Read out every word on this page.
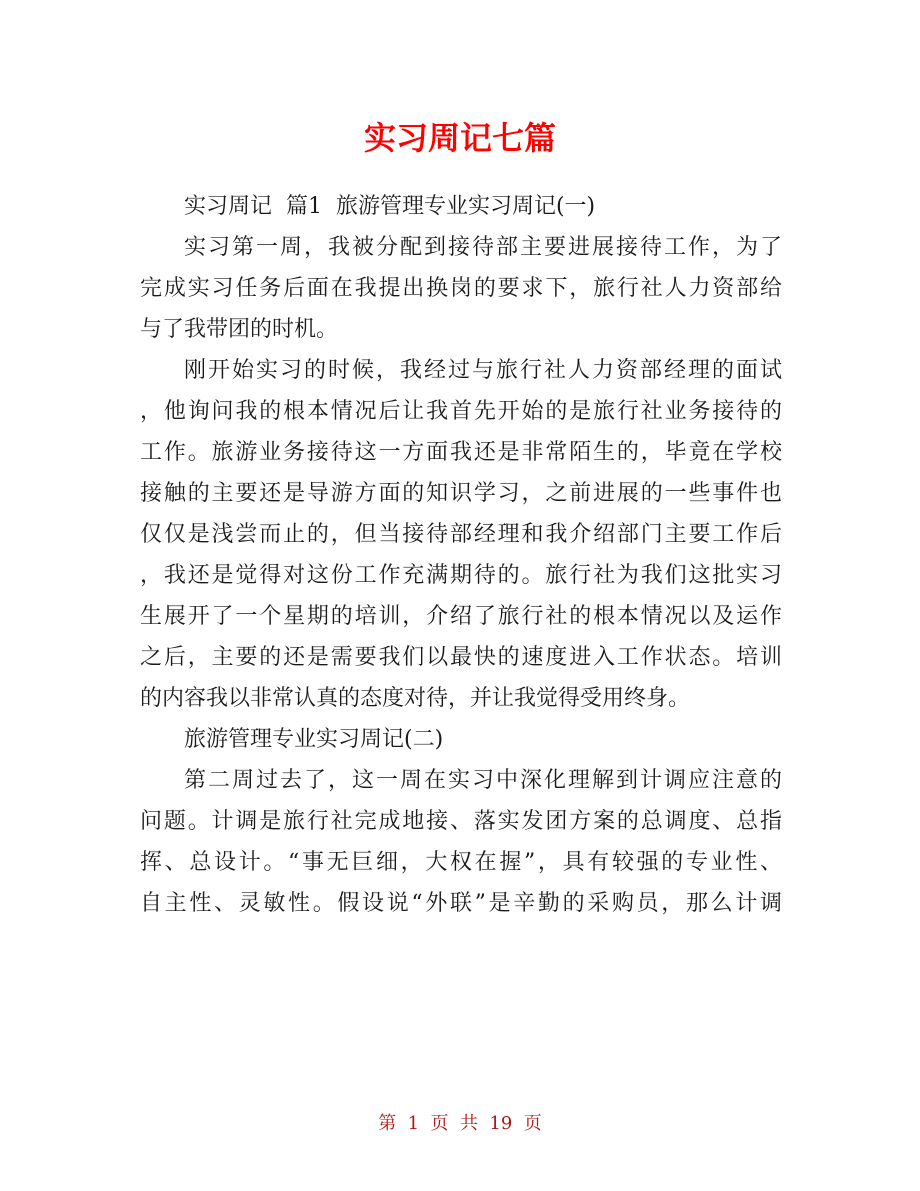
实习周记七篇
实习周记  篇1  旅游管理专业实习周记(一)
实习第一周，我被分配到接待部主要进展接待工作，为了
完成实习任务后面在我提出换岗的要求下，旅行社人力资部给
与了我带团的时机。
刚开始实习的时候，我经过与旅行社人力资部经理的面试
，他询问我的根本情况后让我首先开始的是旅行社业务接待的
工作。旅游业务接待这一方面我还是非常陌生的，毕竟在学校
接触的主要还是导游方面的知识学习，之前进展的一些事件也
仅仅是浅尝而止的，但当接待部经理和我介绍部门主要工作后
，我还是觉得对这份工作充满期待的。旅行社为我们这批实习
生展开了一个星期的培训，介绍了旅行社的根本情况以及运作
之后，主要的还是需要我们以最快的速度进入工作状态。培训
的内容我以非常认真的态度对待，并让我觉得受用终身。
旅游管理专业实习周记(二)
第二周过去了，这一周在实习中深化理解到计调应注意的
问题。计调是旅行社完成地接、落实发团方案的总调度、总指
挥、总设计。“事无巨细，大权在握”，具有较强的专业性、
自主性、灵敏性。假设说“外联”是辛勤的采购员，那么计调
第  1  页  共  19  页
